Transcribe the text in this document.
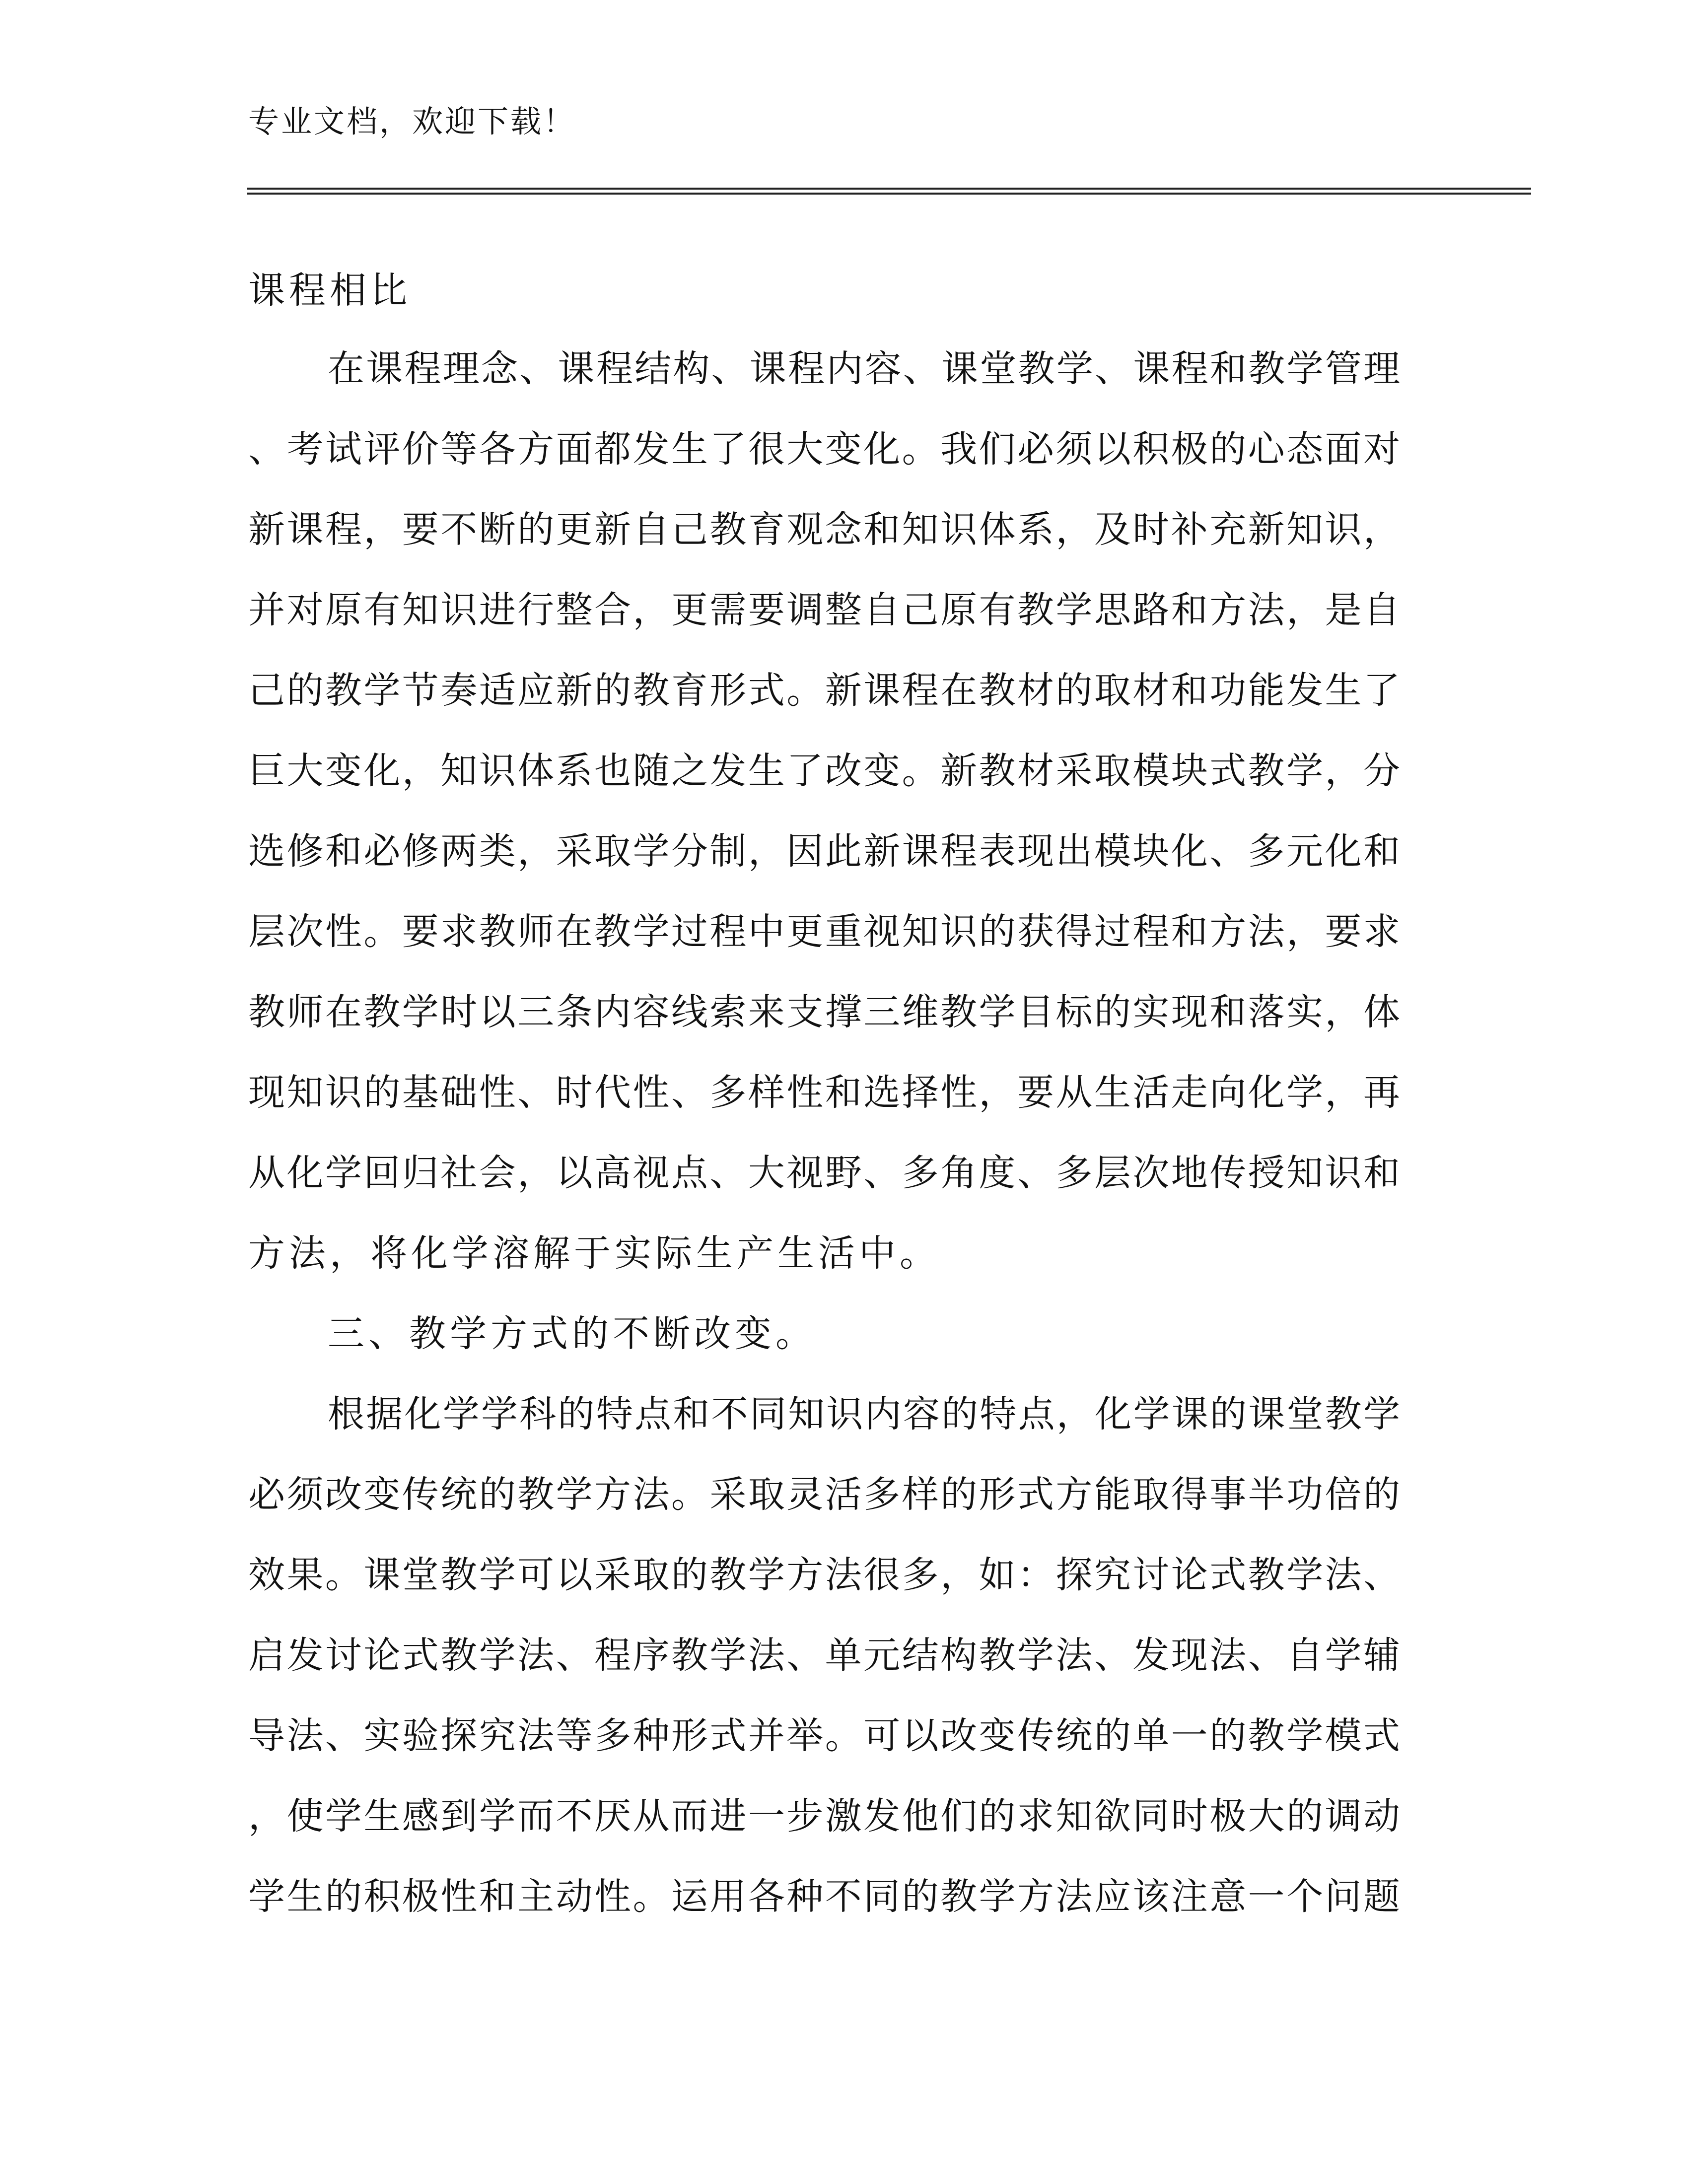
专业文档，欢迎下载！
课程相比
在课程理念、课程结构、课程内容、课堂教学、课程和教学管理
、考试评价等各方面都发生了很大变化。我们必须以积极的心态面对
新课程，要不断的更新自己教育观念和知识体系，及时补充新知识，
并对原有知识进行整合，更需要调整自己原有教学思路和方法，是自
己的教学节奏适应新的教育形式。新课程在教材的取材和功能发生了
巨大变化，知识体系也随之发生了改变。新教材采取模块式教学，分
选修和必修两类，采取学分制，因此新课程表现出模块化、多元化和
层次性。要求教师在教学过程中更重视知识的获得过程和方法，要求
教师在教学时以三条内容线索来支撑三维教学目标的实现和落实，体
现知识的基础性、时代性、多样性和选择性，要从生活走向化学，再
从化学回归社会，以高视点、大视野、多角度、多层次地传授知识和
方法，将化学溶解于实际生产生活中。
三、教学方式的不断改变。
根据化学学科的特点和不同知识内容的特点，化学课的课堂教学
必须改变传统的教学方法。采取灵活多样的形式方能取得事半功倍的
效果。课堂教学可以采取的教学方法很多，如：探究讨论式教学法、
启发讨论式教学法、程序教学法、单元结构教学法、发现法、自学辅
导法、实验探究法等多种形式并举。可以改变传统的单一的教学模式
，使学生感到学而不厌从而进一步激发他们的求知欲同时极大的调动
学生的积极性和主动性。运用各种不同的教学方法应该注意一个问题
